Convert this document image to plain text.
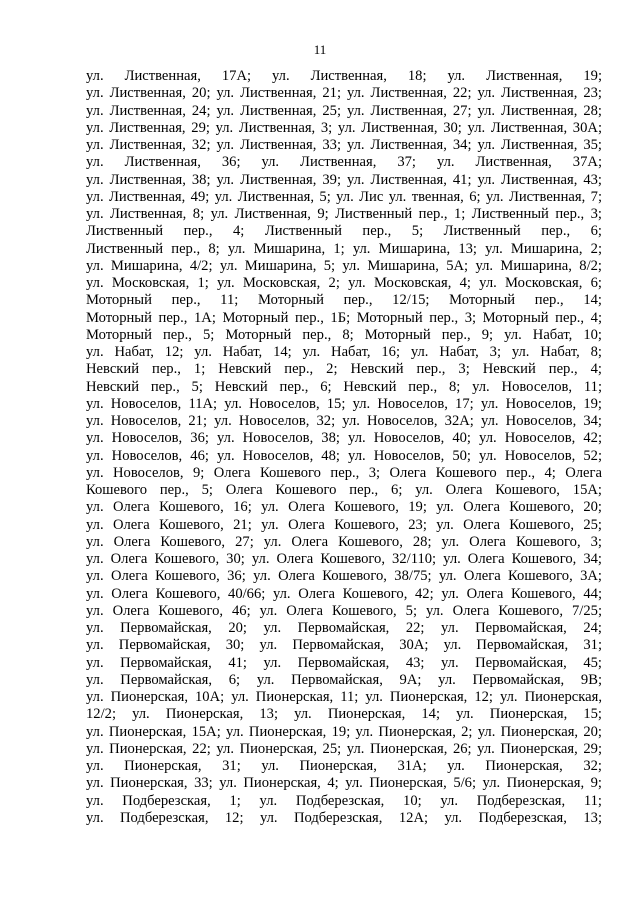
11
ул. Лиственная, 17А; ул. Лиственная, 18; ул. Лиственная, 19;
ул. Лиственная, 20; ул. Лиственная, 21; ул. Лиственная, 22; ул. Лиственная, 23;
ул. Лиственная, 24; ул. Лиственная, 25; ул. Лиственная, 27; ул. Лиственная, 28;
ул. Лиственная, 29; ул. Лиственная, 3; ул. Лиственная, 30; ул. Лиственная, 30А;
ул. Лиственная, 32; ул. Лиственная, 33; ул. Лиственная, 34; ул. Лиственная, 35;
ул. Лиственная, 36; ул. Лиственная, 37; ул. Лиственная, 37А;
ул. Лиственная, 38; ул. Лиственная, 39; ул. Лиственная, 41; ул. Лиственная, 43;
ул. Лиственная, 49; ул. Лиственная, 5; ул. Лис ул. твенная, 6; ул. Лиственная, 7;
ул. Лиственная, 8; ул. Лиственная, 9; Лиственный пер., 1; Лиственный пер., 3;
Лиственный пер., 4; Лиственный пер., 5; Лиственный пер., 6;
Лиственный пер., 8; ул. Мишарина, 1; ул. Мишарина, 13; ул. Мишарина, 2;
ул. Мишарина, 4/2; ул. Мишарина, 5; ул. Мишарина, 5А; ул. Мишарина, 8/2;
ул. Московская, 1; ул. Московская, 2; ул. Московская, 4; ул. Московская, 6;
Моторный пер., 11; Моторный пер., 12/15; Моторный пер., 14;
Моторный пер., 1А; Моторный пер., 1Б; Моторный пер., 3; Моторный пер., 4;
Моторный пер., 5; Моторный пер., 8; Моторный пер., 9; ул. Набат, 10;
ул. Набат, 12; ул. Набат, 14; ул. Набат, 16; ул. Набат, 3; ул. Набат, 8;
Невский пер., 1; Невский пер., 2; Невский пер., 3; Невский пер., 4;
Невский пер., 5; Невский пер., 6; Невский пер., 8; ул. Новоселов, 11;
ул. Новоселов, 11А; ул. Новоселов, 15; ул. Новоселов, 17; ул. Новоселов, 19;
ул. Новоселов, 21; ул. Новоселов, 32; ул. Новоселов, 32А; ул. Новоселов, 34;
ул. Новоселов, 36; ул. Новоселов, 38; ул. Новоселов, 40; ул. Новоселов, 42;
ул. Новоселов, 46; ул. Новоселов, 48; ул. Новоселов, 50; ул. Новоселов, 52;
ул. Новоселов, 9; Олега Кошевого пер., 3; Олега Кошевого пер., 4; Олега
Кошевого пер., 5; Олега Кошевого пер., 6; ул. Олега Кошевого, 15А;
ул. Олега Кошевого, 16; ул. Олега Кошевого, 19; ул. Олега Кошевого, 20;
ул. Олега Кошевого, 21; ул. Олега Кошевого, 23; ул. Олега Кошевого, 25;
ул. Олега Кошевого, 27; ул. Олега Кошевого, 28; ул. Олега Кошевого, 3;
ул. Олега Кошевого, 30; ул. Олега Кошевого, 32/110; ул. Олега Кошевого, 34;
ул. Олега Кошевого, 36; ул. Олега Кошевого, 38/75; ул. Олега Кошевого, 3А;
ул. Олега Кошевого, 40/66; ул. Олега Кошевого, 42; ул. Олега Кошевого, 44;
ул. Олега Кошевого, 46; ул. Олега Кошевого, 5; ул. Олега Кошевого, 7/25;
ул. Первомайская, 20; ул. Первомайская, 22; ул. Первомайская, 24;
ул. Первомайская, 30; ул. Первомайская, 30А; ул. Первомайская, 31;
ул. Первомайская, 41; ул. Первомайская, 43; ул. Первомайская, 45;
ул. Первомайская, 6; ул. Первомайская, 9А; ул. Первомайская, 9В;
ул. Пионерская, 10А; ул. Пионерская, 11; ул. Пионерская, 12; ул. Пионерская,
12/2; ул. Пионерская, 13; ул. Пионерская, 14; ул. Пионерская, 15;
ул. Пионерская, 15А; ул. Пионерская, 19; ул. Пионерская, 2; ул. Пионерская, 20;
ул. Пионерская, 22; ул. Пионерская, 25; ул. Пионерская, 26; ул. Пионерская, 29;
ул. Пионерская, 31; ул. Пионерская, 31А; ул. Пионерская, 32;
ул. Пионерская, 33; ул. Пионерская, 4; ул. Пионерская, 5/6; ул. Пионерская, 9;
ул. Подберезская, 1; ул. Подберезская, 10; ул. Подберезская, 11;
ул. Подберезская, 12; ул. Подберезская, 12А; ул. Подберезская, 13;
